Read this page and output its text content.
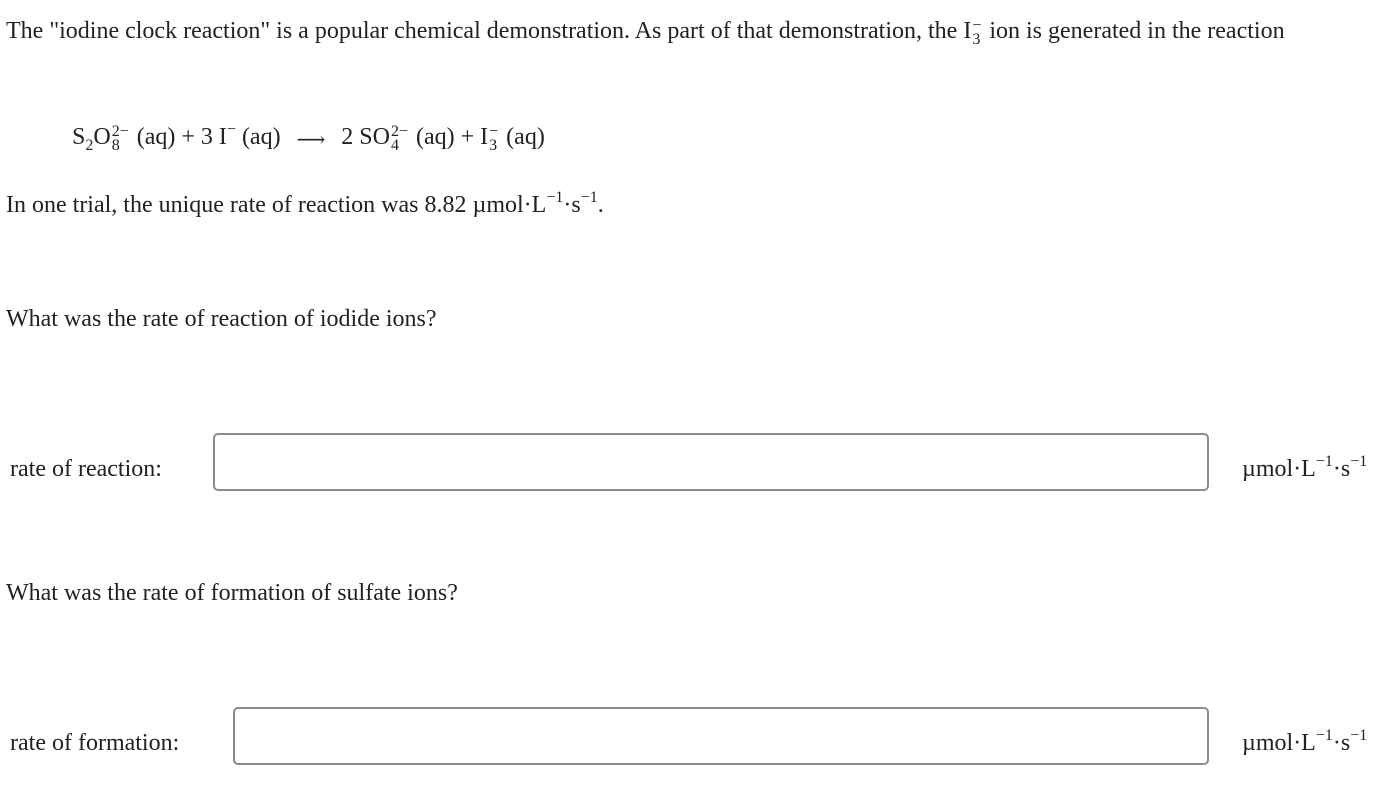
The "iodine clock reaction" is a popular chemical demonstration. As part of that demonstration, the I −
3 ion is generated in the reaction
$S_2O$ 2−
8 (aq) + 3 I− (aq) ⟶ 2 SO 2−
4 (aq) + I −
3 (aq)
In one trial, the unique rate of reaction was 8.82 $\mu mol\cdot L^{-1}\cdot s^{-1}$.
What was the rate of reaction of iodide ions?
rate of reaction:	$\mu mol\cdot L^{-1}\cdot s^{-1}$
What was the rate of formation of sulfate ions?
rate of formation:	$\mu mol\cdot L^{-1}\cdot s^{-1}$
